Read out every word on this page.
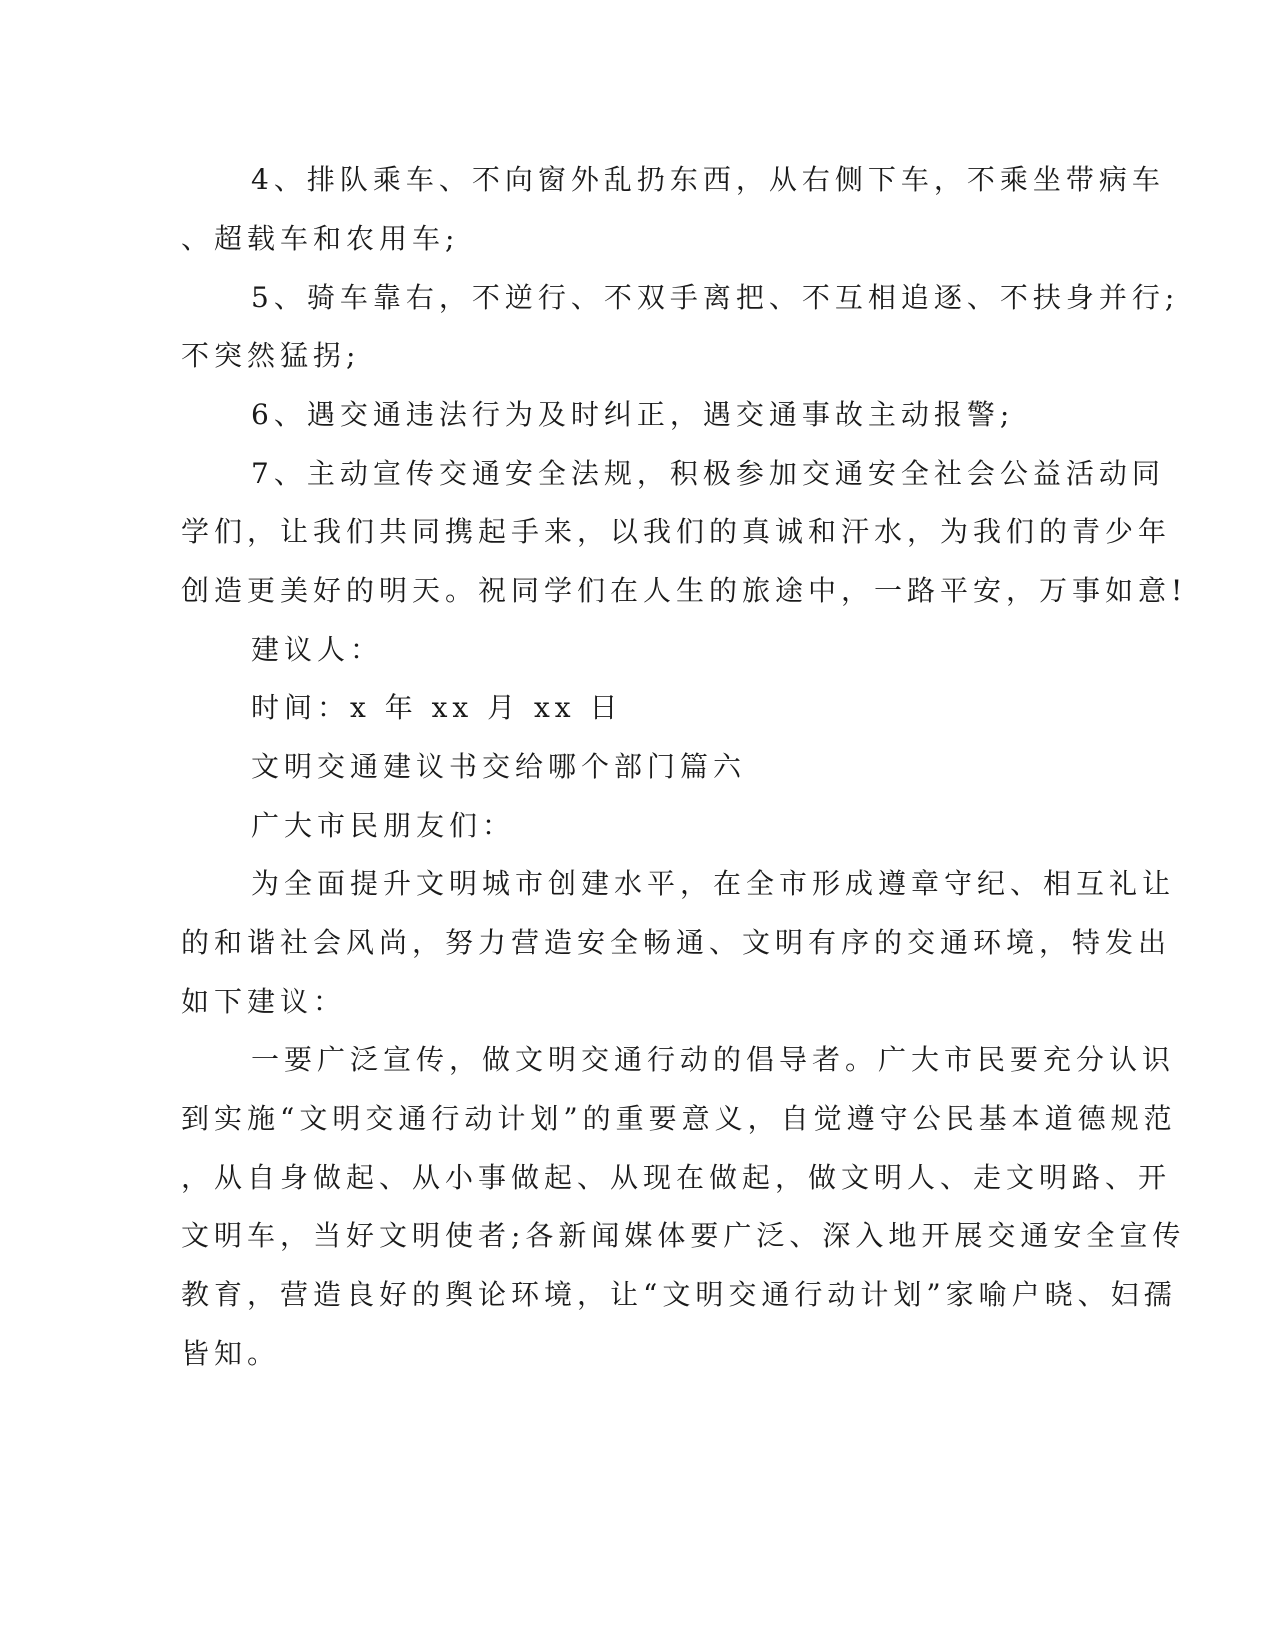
4、排队乘车、不向窗外乱扔东西，从右侧下车，不乘坐带病车
、超载车和农用车;
5、骑车靠右，不逆行、不双手离把、不互相追逐、不扶身并行;
不突然猛拐;
6、遇交通违法行为及时纠正，遇交通事故主动报警;
7、主动宣传交通安全法规，积极参加交通安全社会公益活动同
学们，让我们共同携起手来，以我们的真诚和汗水，为我们的青少年
创造更美好的明天。祝同学们在人生的旅途中，一路平安，万事如意!
建议人：
时间：x 年 xx 月 xx 日
文明交通建议书交给哪个部门篇六
广大市民朋友们：
为全面提升文明城市创建水平，在全市形成遵章守纪、相互礼让
的和谐社会风尚，努力营造安全畅通、文明有序的交通环境，特发出
如下建议：
一要广泛宣传，做文明交通行动的倡导者。广大市民要充分认识
到实施“文明交通行动计划”的重要意义，自觉遵守公民基本道德规范
，从自身做起、从小事做起、从现在做起，做文明人、走文明路、开
文明车，当好文明使者;各新闻媒体要广泛、深入地开展交通安全宣传
教育，营造良好的舆论环境，让“文明交通行动计划”家喻户晓、妇孺
皆知。
